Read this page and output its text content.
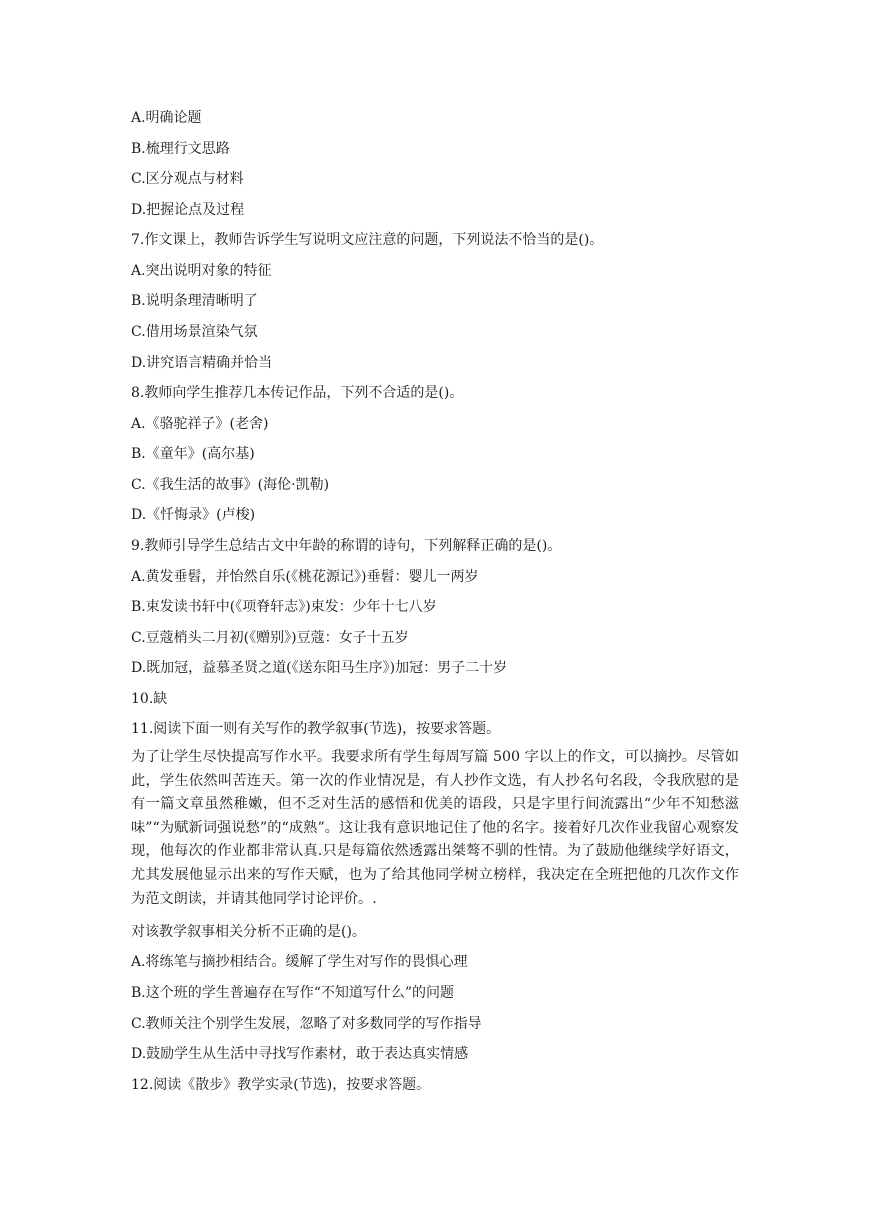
A.明确论题
B.梳理行文思路
C.区分观点与材料
D.把握论点及过程
7.作文课上，教师告诉学生写说明文应注意的问题，下列说法不恰当的是()。
A.突出说明对象的特征
B.说明条理清晰明了
C.借用场景渲染气氛
D.讲究语言精确并恰当
8.教师向学生推荐几本传记作品，下列不合适的是()。
A.《骆驼祥子》(老舍)
B.《童年》(高尔基)
C.《我生活的故事》(海伦·凯勒)
D.《忏悔录》(卢梭)
9.教师引导学生总结古文中年龄的称谓的诗句，下列解释正确的是()。
A.黄发垂髫，并怡然自乐(《桃花源记》)垂髫：婴儿一两岁
B.束发读书轩中(《项脊轩志》)束发：少年十七八岁
C.豆蔻梢头二月初(《赠别》)豆蔻：女子十五岁
D.既加冠，益慕圣贤之道(《送东阳马生序》)加冠：男子二十岁
10.缺
11.阅读下面一则有关写作的教学叙事(节选)，按要求答题。
为了让学生尽快提高写作水平。我要求所有学生每周写篇 500 字以上的作文，可以摘抄。尽管如此，学生依然叫苦连天。第一次的作业情况是，有人抄作文选，有人抄名句名段，令我欣慰的是有一篇文章虽然稚嫩，但不乏对生活的感悟和优美的语段，只是字里行间流露出“少年不知愁滋味”“为赋新词强说愁”的“成熟”。这让我有意识地记住了他的名字。接着好几次作业我留心观察发现，他每次的作业都非常认真.只是每篇依然透露出桀骜不驯的性情。为了鼓励他继续学好语文，尤其发展他显示出来的写作天赋，也为了给其他同学树立榜样，我决定在全班把他的几次作文作为范文朗读，并请其他同学讨论评价。.
对该教学叙事相关分析不正确的是()。
A.将练笔与摘抄相结合。缓解了学生对写作的畏惧心理
B.这个班的学生普遍存在写作“不知道写什么”的问题
C.教师关注个别学生发展，忽略了对多数同学的写作指导
D.鼓励学生从生活中寻找写作素材，敢于表达真实情感
12.阅读《散步》教学实录(节选)，按要求答题。
